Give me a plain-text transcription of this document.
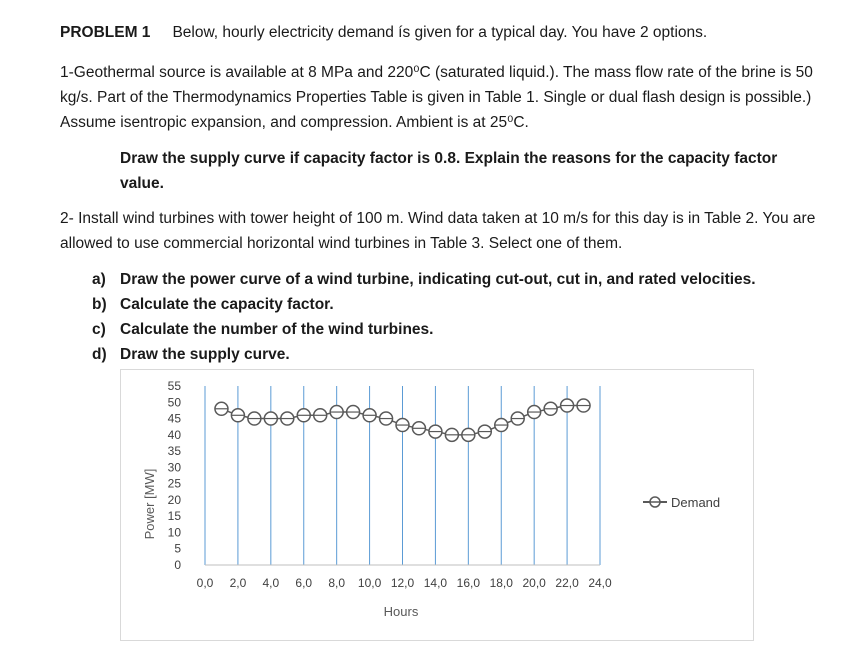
PROBLEM 1 Below, hourly electricity demand ís given for a typical day. You have 2 options.

1-Geothermal source is available at 8 MPa and 220⁰C (saturated liquid.). The mass flow rate of the brine is 50 kg/s. Part of the Thermodynamics Properties Table is given in Table 1. Single or dual flash design is possible.) Assume isentropic expansion, and compression. Ambient is at 25⁰C.

Draw the supply curve if capacity factor is 0.8. Explain the reasons for the capacity factor value.

2- Install wind turbines with tower height of 100 m. Wind data taken at 10 m/s for this day is in Table 2. You are allowed to use commercial horizontal wind turbines in Table 3. Select one of them.

a) Draw the power curve of a wind turbine, indicating cut-out, cut in, and rated velocities.
b) Calculate the capacity factor.
c) Calculate the number of the wind turbines.
d) Draw the supply curve.
0
5
10
15
20
25
30
35
40
45
50
55
0,0 2,0 4,0 6,0 8,0 10,0 12,0 14,0 16,0 18,0 20,0 22,0 24,0
Power [MW]
Hours
Demand
